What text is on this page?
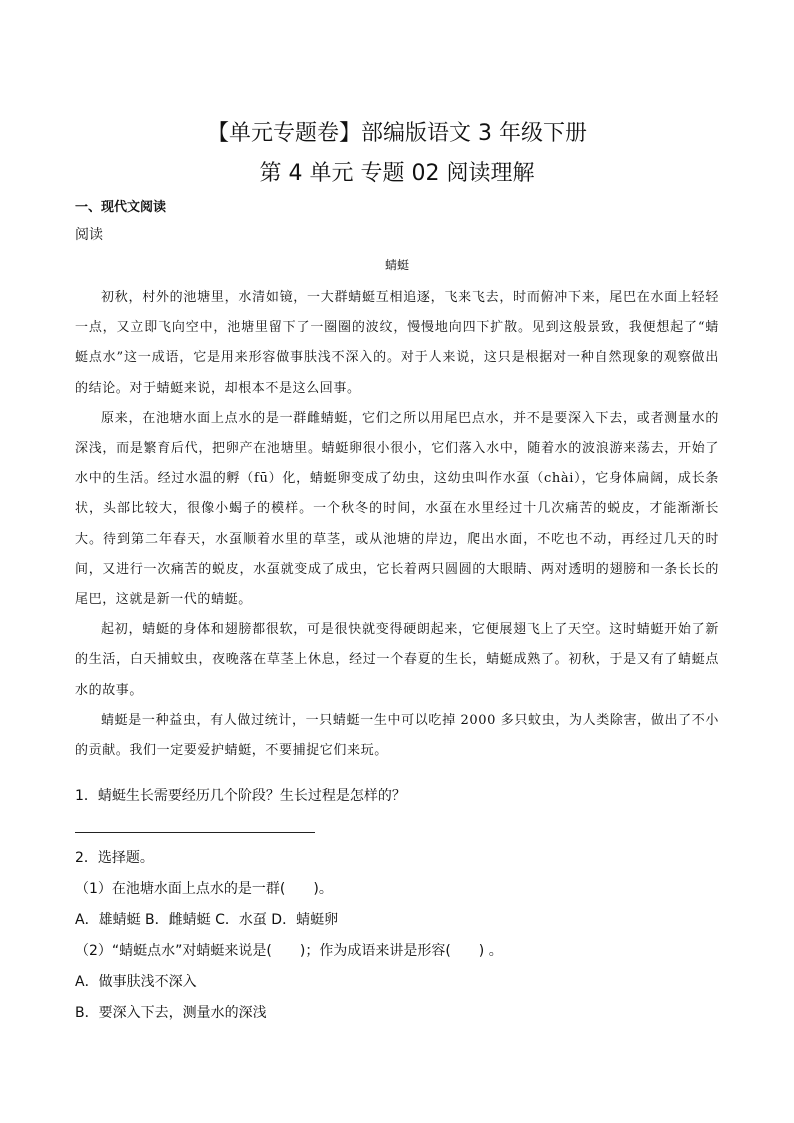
【单元专题卷】部编版语文 3 年级下册
第 4 单元 专题 02 阅读理解
一、现代文阅读
阅读
蜻蜓

初秋，村外的池塘里，水清如镜，一大群蜻蜓互相追逐，飞来飞去，时而俯冲下来，尾巴在水面上轻轻一点，又立即飞向空中，池塘里留下了一圈圈的波纹，慢慢地向四下扩散。见到这般景致，我便想起了“蜻蜓点水”这一成语，它是用来形容做事肤浅不深入的。对于人来说，这只是根据对一种自然现象的观察做出的结论。对于蜻蜓来说，却根本不是这么回事。

原来，在池塘水面上点水的是一群雌蜻蜓，它们之所以用尾巴点水，并不是要深入下去，或者测量水的深浅，而是繁育后代，把卵产在池塘里。蜻蜓卵很小很小，它们落入水中，随着水的波浪游来荡去，开始了水中的生活。经过水温的孵（fū）化，蜻蜓卵变成了幼虫，这幼虫叫作水虿（chài），它身体扁阔，成长条状，头部比较大，很像小蝎子的模样。一个秋冬的时间，水虿在水里经过十几次痛苦的蜕皮，才能渐渐长大。待到第二年春天，水虿顺着水里的草茎，或从池塘的岸边，爬出水面，不吃也不动，再经过几天的时间，又进行一次痛苦的蜕皮，水虿就变成了成虫，它长着两只圆圆的大眼睛、两对透明的翅膀和一条长长的尾巴，这就是新一代的蜻蜓。

起初，蜻蜓的身体和翅膀都很软，可是很快就变得硬朗起来，它便展翅飞上了天空。这时蜻蜓开始了新的生活，白天捕蚊虫，夜晚落在草茎上休息，经过一个春夏的生长，蜻蜓成熟了。初秋，于是又有了蜻蜓点水的故事。

蜻蜓是一种益虫，有人做过统计，一只蜻蜓一生中可以吃掉 2000 多只蚊虫，为人类除害，做出了不小的贡献。我们一定要爱护蜻蜓，不要捕捉它们来玩。

1．蜻蜓生长需要经历几个阶段？生长过程是怎样的？
2．选择题。
（1）在池塘水面上点水的是一群(　　)。
A．雄蜻蜓 B．雌蜻蜓 C．水虿 D．蜻蜓卵
（2）“蜻蜓点水”对蜻蜓来说是(　　)；作为成语来讲是形容(　　) 。
A．做事肤浅不深入
B．要深入下去，测量水的深浅
